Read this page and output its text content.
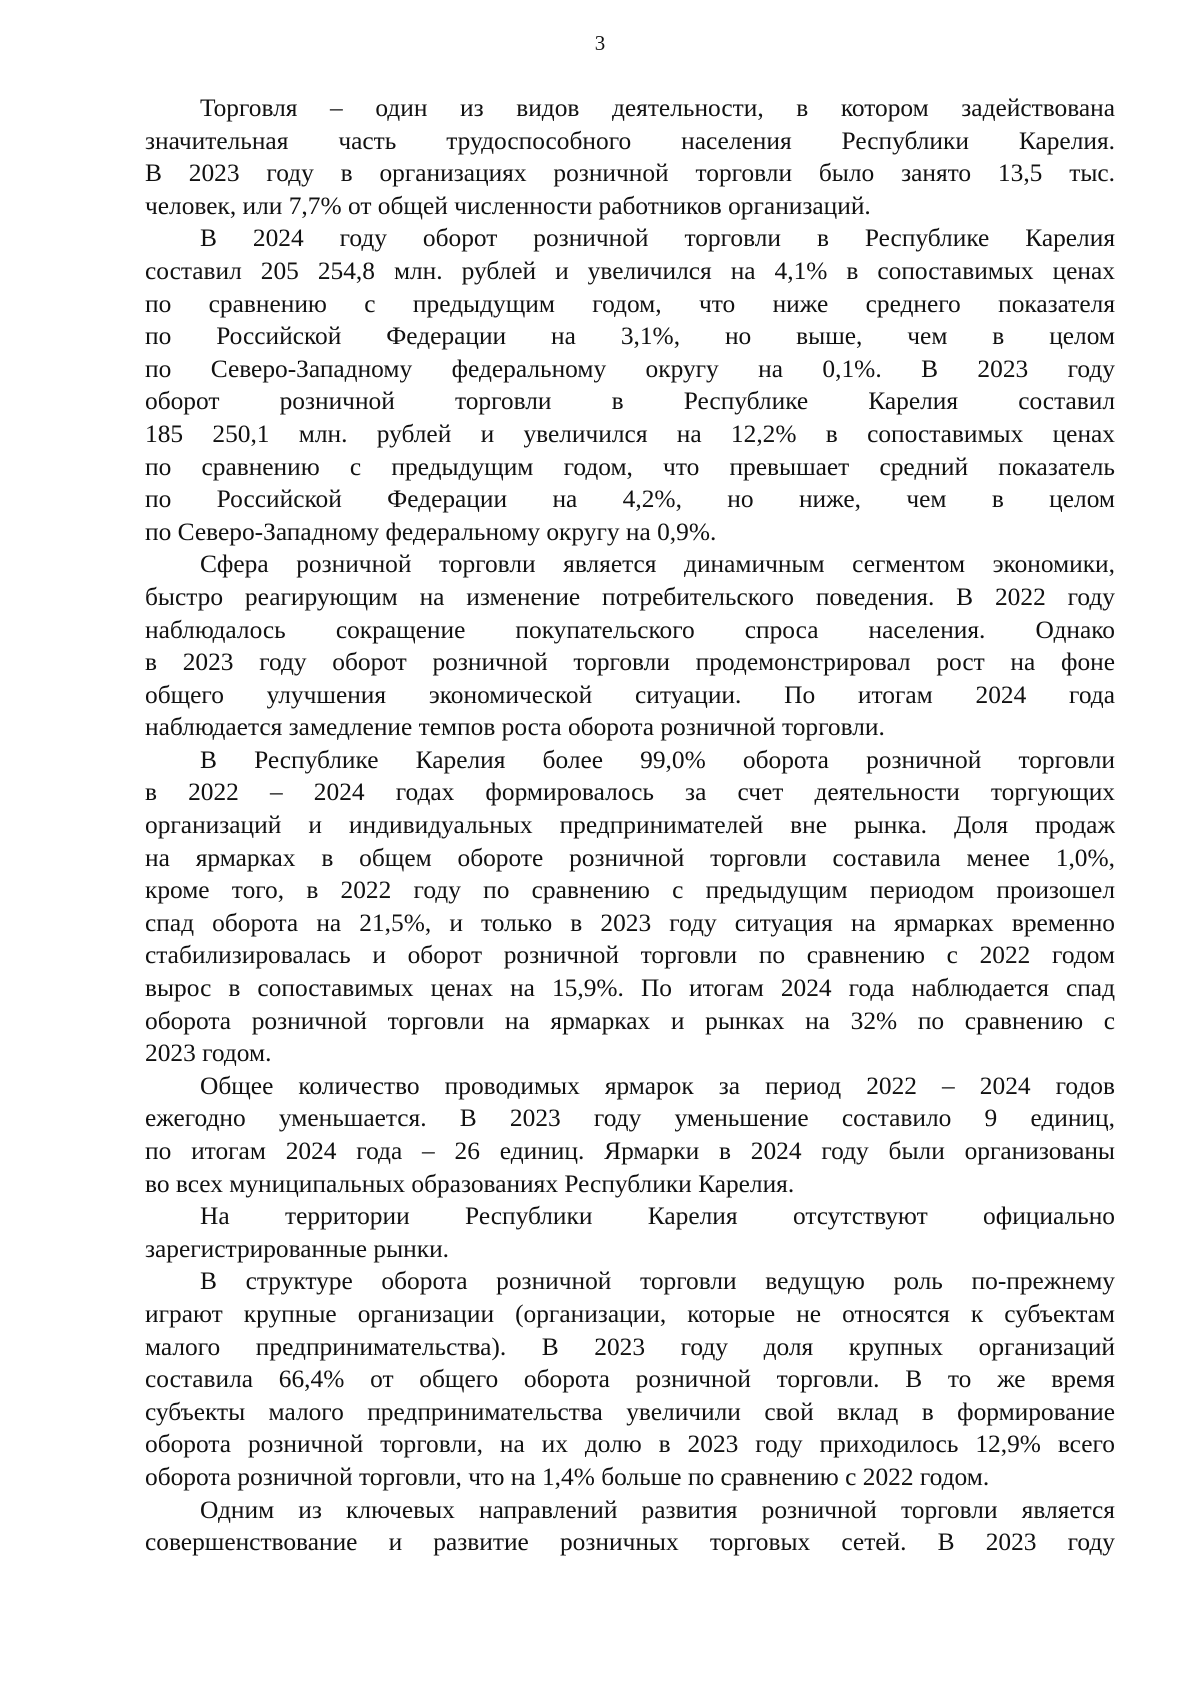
3
Торговля – один из видов деятельности, в котором задействована
значительная часть трудоспособного населения Республики Карелия.
В 2023 году в организациях розничной торговли было занято 13,5 тыс.
человек, или 7,7% от общей численности работников организаций.
В 2024 году оборот розничной торговли в Республике Карелия
составил 205 254,8 млн. рублей и увеличился на 4,1% в сопоставимых ценах
по сравнению с предыдущим годом, что ниже среднего показателя
по Российской Федерации на 3,1%, но выше, чем в целом
по Северо-Западному федеральному округу на 0,1%. В 2023 году
оборот розничной торговли в Республике Карелия составил
185 250,1 млн. рублей и увеличился на 12,2% в сопоставимых ценах
по сравнению с предыдущим годом, что превышает средний показатель
по Российской Федерации на 4,2%, но ниже, чем в целом
по Северо-Западному федеральному округу на 0,9%.
Сфера розничной торговли является динамичным сегментом экономики,
быстро реагирующим на изменение потребительского поведения. В 2022 году
наблюдалось сокращение покупательского спроса населения. Однако
в 2023 году оборот розничной торговли продемонстрировал рост на фоне
общего улучшения экономической ситуации. По итогам 2024 года
наблюдается замедление темпов роста оборота розничной торговли.
В Республике Карелия более 99,0% оборота розничной торговли
в 2022 – 2024 годах формировалось за счет деятельности торгующих
организаций и индивидуальных предпринимателей вне рынка. Доля продаж
на ярмарках в общем обороте розничной торговли составила менее 1,0%,
кроме того, в 2022 году по сравнению с предыдущим периодом произошел
спад оборота на 21,5%, и только в 2023 году ситуация на ярмарках временно
стабилизировалась и оборот розничной торговли по сравнению с 2022 годом
вырос в сопоставимых ценах на 15,9%. По итогам 2024 года наблюдается спад
оборота розничной торговли на ярмарках и рынках на 32% по сравнению с
2023 годом.
Общее количество проводимых ярмарок за период 2022 – 2024 годов
ежегодно уменьшается. В 2023 году уменьшение составило 9 единиц,
по итогам 2024 года – 26 единиц. Ярмарки в 2024 году были организованы
во всех муниципальных образованиях Республики Карелия.
На территории Республики Карелия отсутствуют официально
зарегистрированные рынки.
В структуре оборота розничной торговли ведущую роль по-прежнему
играют крупные организации (организации, которые не относятся к субъектам
малого предпринимательства). В 2023 году доля крупных организаций
составила 66,4% от общего оборота розничной торговли. В то же время
субъекты малого предпринимательства увеличили свой вклад в формирование
оборота розничной торговли, на их долю в 2023 году приходилось 12,9% всего
оборота розничной торговли, что на 1,4% больше по сравнению с 2022 годом.
Одним из ключевых направлений развития розничной торговли является
совершенствование и развитие розничных торговых сетей. В 2023 году
